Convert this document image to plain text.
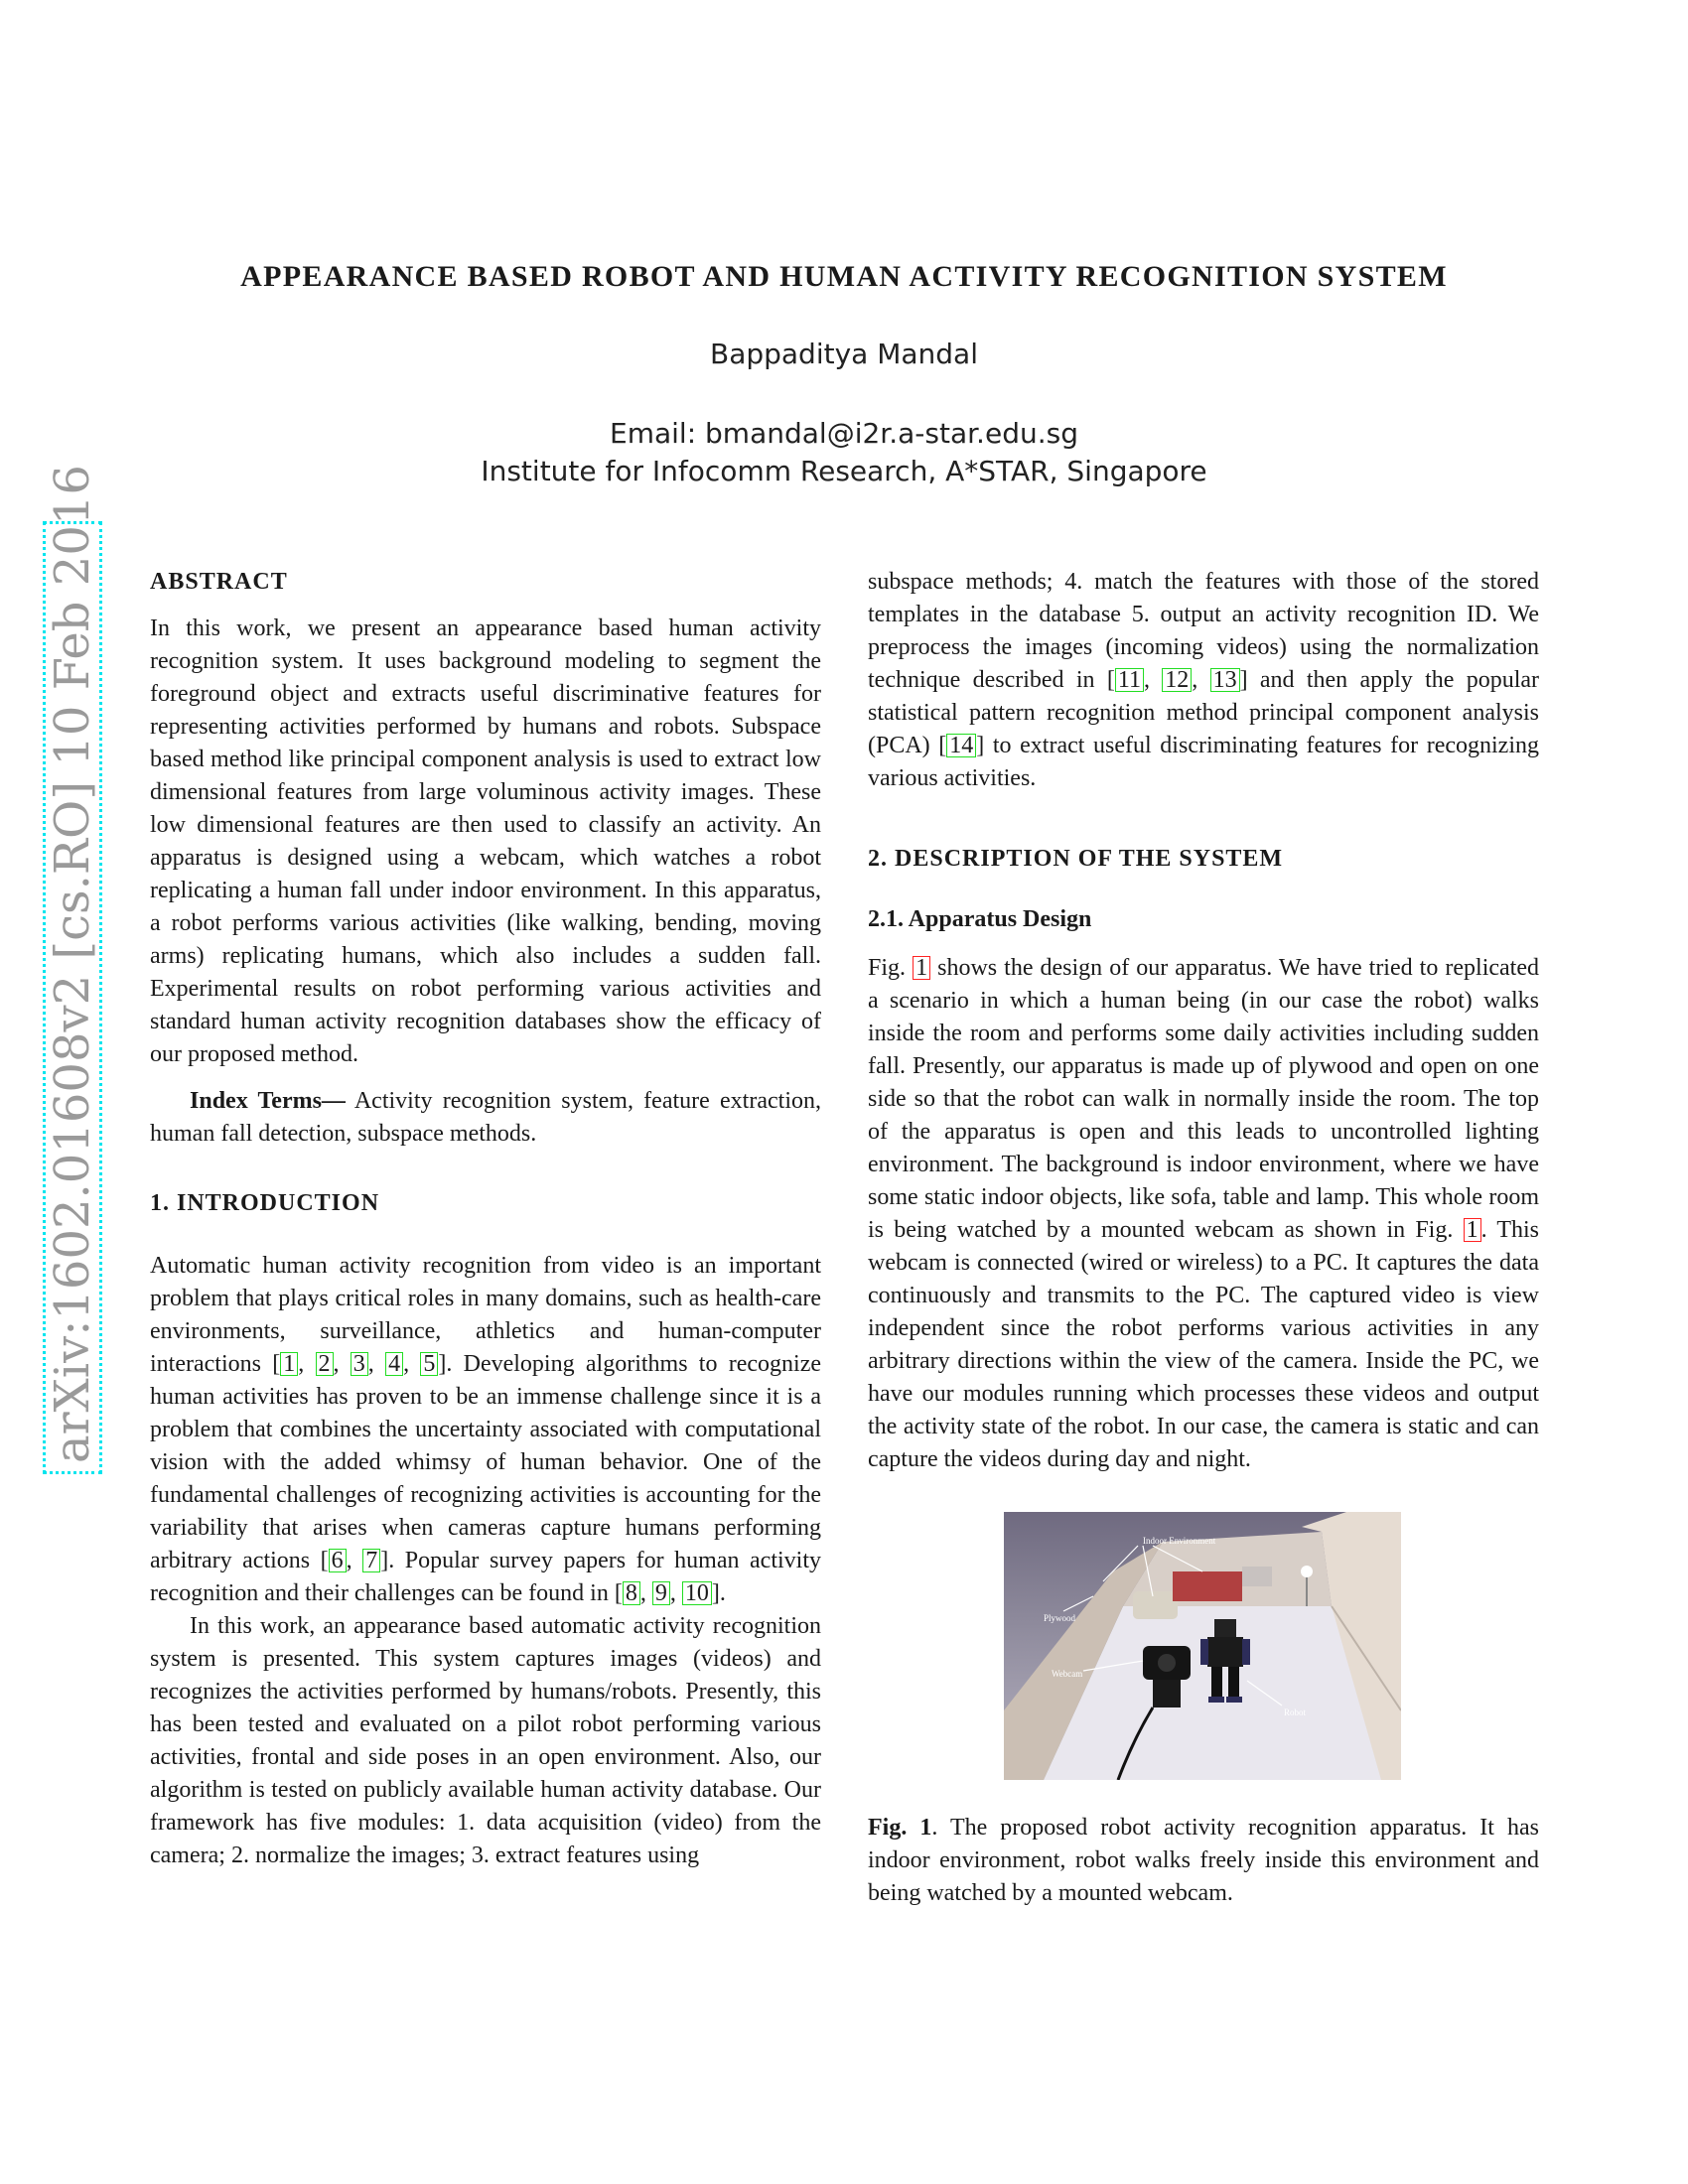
APPEARANCE BASED ROBOT AND HUMAN ACTIVITY RECOGNITION SYSTEM
Bappaditya Mandal
Email: bmandal@i2r.a-star.edu.sg
Institute for Infocomm Research, A*STAR, Singapore
arXiv:1602.01608v2 [cs.RO] 10 Feb 2016 ABSTRACT

In this work, we present an appearance based human activity recognition system. It uses background modeling to segment the foreground object and extracts useful discriminative features for representing activities performed by humans and robots. Subspace based method like principal component analysis is used to extract low dimensional features from large voluminous activity images. These low dimensional features are then used to classify an activity. An apparatus is designed using a webcam, which watches a robot replicating a human fall under indoor environment. In this apparatus, a robot performs various activities (like walking, bending, moving arms) replicating humans, which also includes a sudden fall. Experimental results on robot performing various activities and standard human activity recognition databases show the efficacy of our proposed method.

Index Terms— Activity recognition system, feature extraction, human fall detection, subspace methods.

1. INTRODUCTION

Automatic human activity recognition from video is an important problem that plays critical roles in many domains, such as health-care environments, surveillance, athletics and human-computer interactions [ 1 , 2 , 3 , 4 , 5 ]. Developing algorithms to recognize human activities has proven to be an immense challenge since it is a problem that combines the uncertainty associated with computational vision with the added whimsy of human behavior. One of the fundamental challenges of recognizing activities is accounting for the variability that arises when cameras capture humans performing arbitrary actions [ 6 , 7 ]. Popular survey papers for human activity recognition and their challenges can be found in [ 8 , 9 , 10 ].

In this work, an appearance based automatic activity recognition system is presented. This system captures images (videos) and recognizes the activities performed by humans/robots. Presently, this has been tested and evaluated on a pilot robot performing various activities, frontal and side poses in an open environment. Also, our algorithm is tested on publicly available human activity database. Our framework has five modules: 1. data acquisition (video) from the camera; 2. normalize the images; 3. extract features using

subspace methods; 4. match the features with those of the stored templates in the database 5. output an activity recognition ID. We preprocess the images (incoming videos) using the normalization technique described in [ 11 , 12 , 13 ] and then apply the popular statistical pattern recognition method principal component analysis (PCA) [ 14 ] to extract useful discriminating features for recognizing various activities.

2. DESCRIPTION OF THE SYSTEM

2.1. Apparatus Design

Fig. 1 shows the design of our apparatus. We have tried to replicated a scenario in which a human being (in our case the robot) walks inside the room and performs some daily activities including sudden fall. Presently, our apparatus is made up of plywood and open on one side so that the robot can walk in normally inside the room. The top of the apparatus is open and this leads to uncontrolled lighting environment. The background is indoor environment, where we have some static indoor objects, like sofa, table and lamp. This whole room is being watched by a mounted webcam as shown in Fig. 1 . This webcam is connected (wired or wireless) to a PC. It captures the data continuously and transmits to the PC. The captured video is view independent since the robot performs various activities in any arbitrary directions within the view of the camera. Inside the PC, we have our modules running which processes these videos and output the activity state of the robot. In our case, the camera is static and can capture the videos during day and night.

Indoor Environment
Plywood
Webcam
Robot

Fig. 1. The proposed robot activity recognition apparatus. It has indoor environment, robot walks freely inside this environment and being watched by a mounted webcam.
